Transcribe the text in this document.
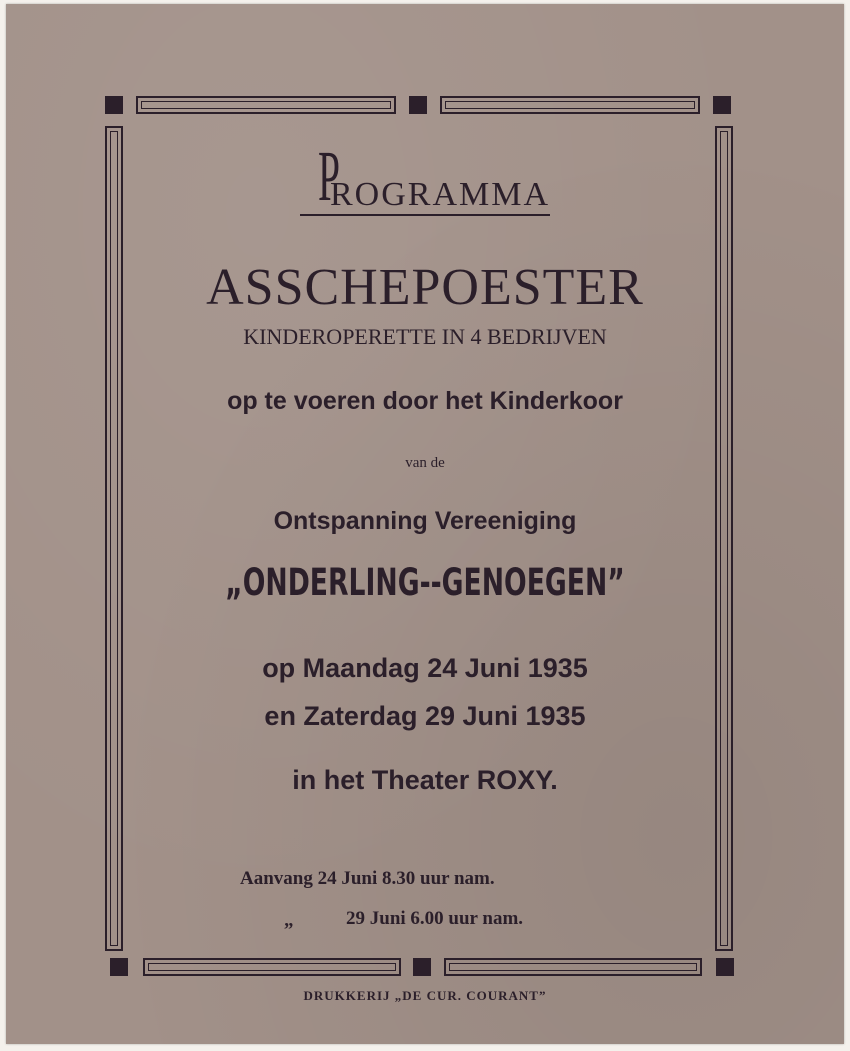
PROGRAMMA
ASSCHEPOESTER

KINDEROPERETTE IN 4 BEDRIJVEN

op te voeren door het Kinderkoor

van de

Ontspanning Vereeniging

„ONDERLING--GENOEGEN”

op Maandag 24 Juni 1935

en Zaterdag 29 Juni 1935

in het Theater ROXY.

Aanvang 24 Juni 8.30 uur nam.

„	29 Juni 6.00 uur nam.

DRUKKERIJ „DE CUR. COURANT”
